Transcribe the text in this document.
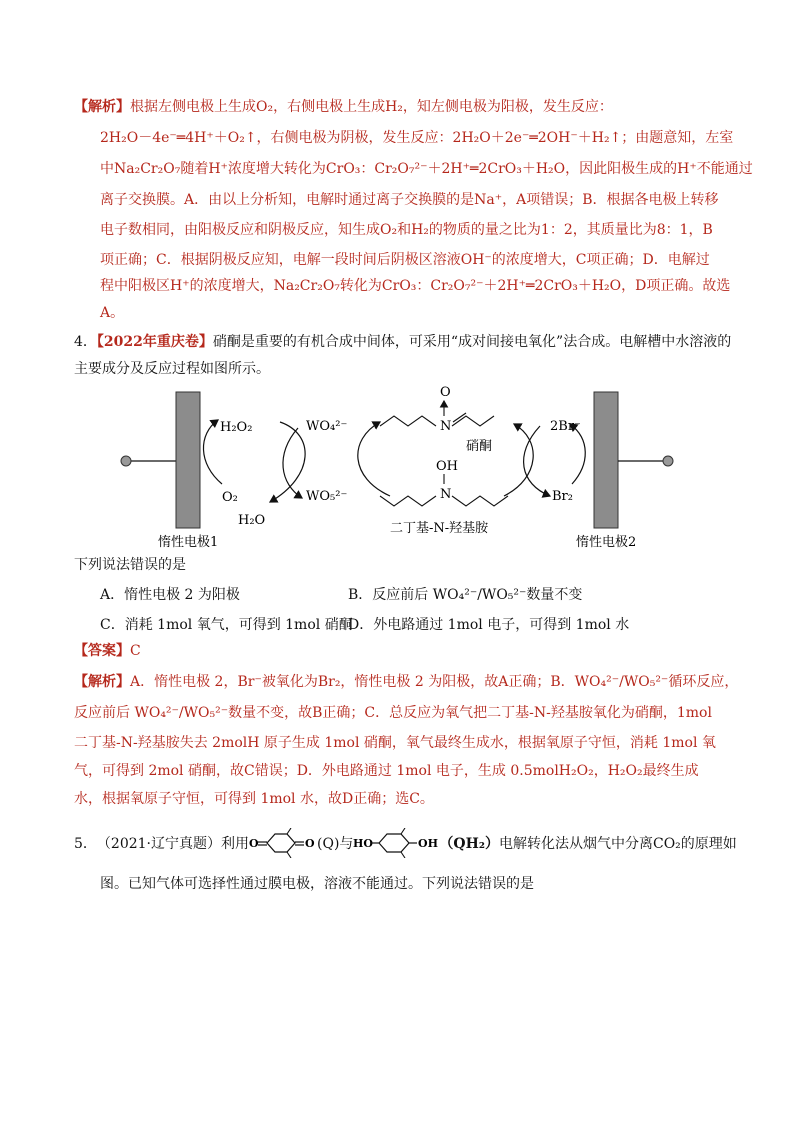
【解析】根据左侧电极上生成O₂，右侧电极上生成H₂，知左侧电极为阳极，发生反应：
2H₂O－4e⁻═4H⁺＋O₂↑，右侧电极为阴极，发生反应：2H₂O＋2e⁻═2OH⁻＋H₂↑；由题意知，左室
中Na₂Cr₂O₇随着H⁺浓度增大转化为CrO₃：Cr₂O₇²⁻＋2H⁺═2CrO₃＋H₂O，因此阳极生成的H⁺不能通过
离子交换膜。A．由以上分析知，电解时通过离子交换膜的是Na⁺，A项错误；B．根据各电极上转移
电子数相同，由阳极反应和阴极反应，知生成O₂和H₂的物质的量之比为1：2，其质量比为8：1，B
项正确；C．根据阴极反应知，电解一段时间后阴极区溶液OH⁻的浓度增大，C项正确；D．电解过
程中阳极区H⁺的浓度增大，Na₂Cr₂O₇转化为CrO₃：Cr₂O₇²⁻＋2H⁺═2CrO₃＋H₂O，D项正确。故选
A。
4．【2022年重庆卷】硝酮是重要的有机合成中间体，可采用“成对间接电氧化”法合成。电解槽中水溶液的
主要成分及反应过程如图所示。
H₂O₂
O₂
H₂O
WO₄²⁻
WO₅²⁻
O
N
硝酮
OH
N
二丁基-N-羟基胺
2Br⁻
Br₂
惰性电极1	惰性电极2
下列说法错误的是
A．惰性电极 2 为阳极	B．反应前后 WO₄²⁻/WO₅²⁻数量不变
C．消耗 1mol 氧气，可得到 1mol 硝酮
D．外电路通过 1mol 电子，可得到 1mol 水
【答案】C
【解析】A．惰性电极 2，Br⁻被氧化为Br₂，惰性电极 2 为阳极，故A正确；B．WO₄²⁻/WO₅²⁻循环反应，
反应前后 WO₄²⁻/WO₅²⁻数量不变，故B正确；C．总反应为氧气把二丁基-N-羟基胺氧化为硝酮，1mol
二丁基-N-羟基胺失去 2molH 原子生成 1mol 硝酮，氧气最终生成水，根据氧原子守恒，消耗 1mol 氧
气，可得到 2mol 硝酮，故C错误；D．外电路通过 1mol 电子，生成 0.5molH₂O₂，H₂O₂最终生成
水，根据氧原子守恒，可得到 1mol 水，故D正确；选C。
5． （2021·辽宁真题） 利用 O	O (Q)与 HO	OH （QH₂） 电解转化法从烟气中分离CO₂的原理如
图。已知气体可选择性通过膜电极，溶液不能通过。下列说法错误的是
